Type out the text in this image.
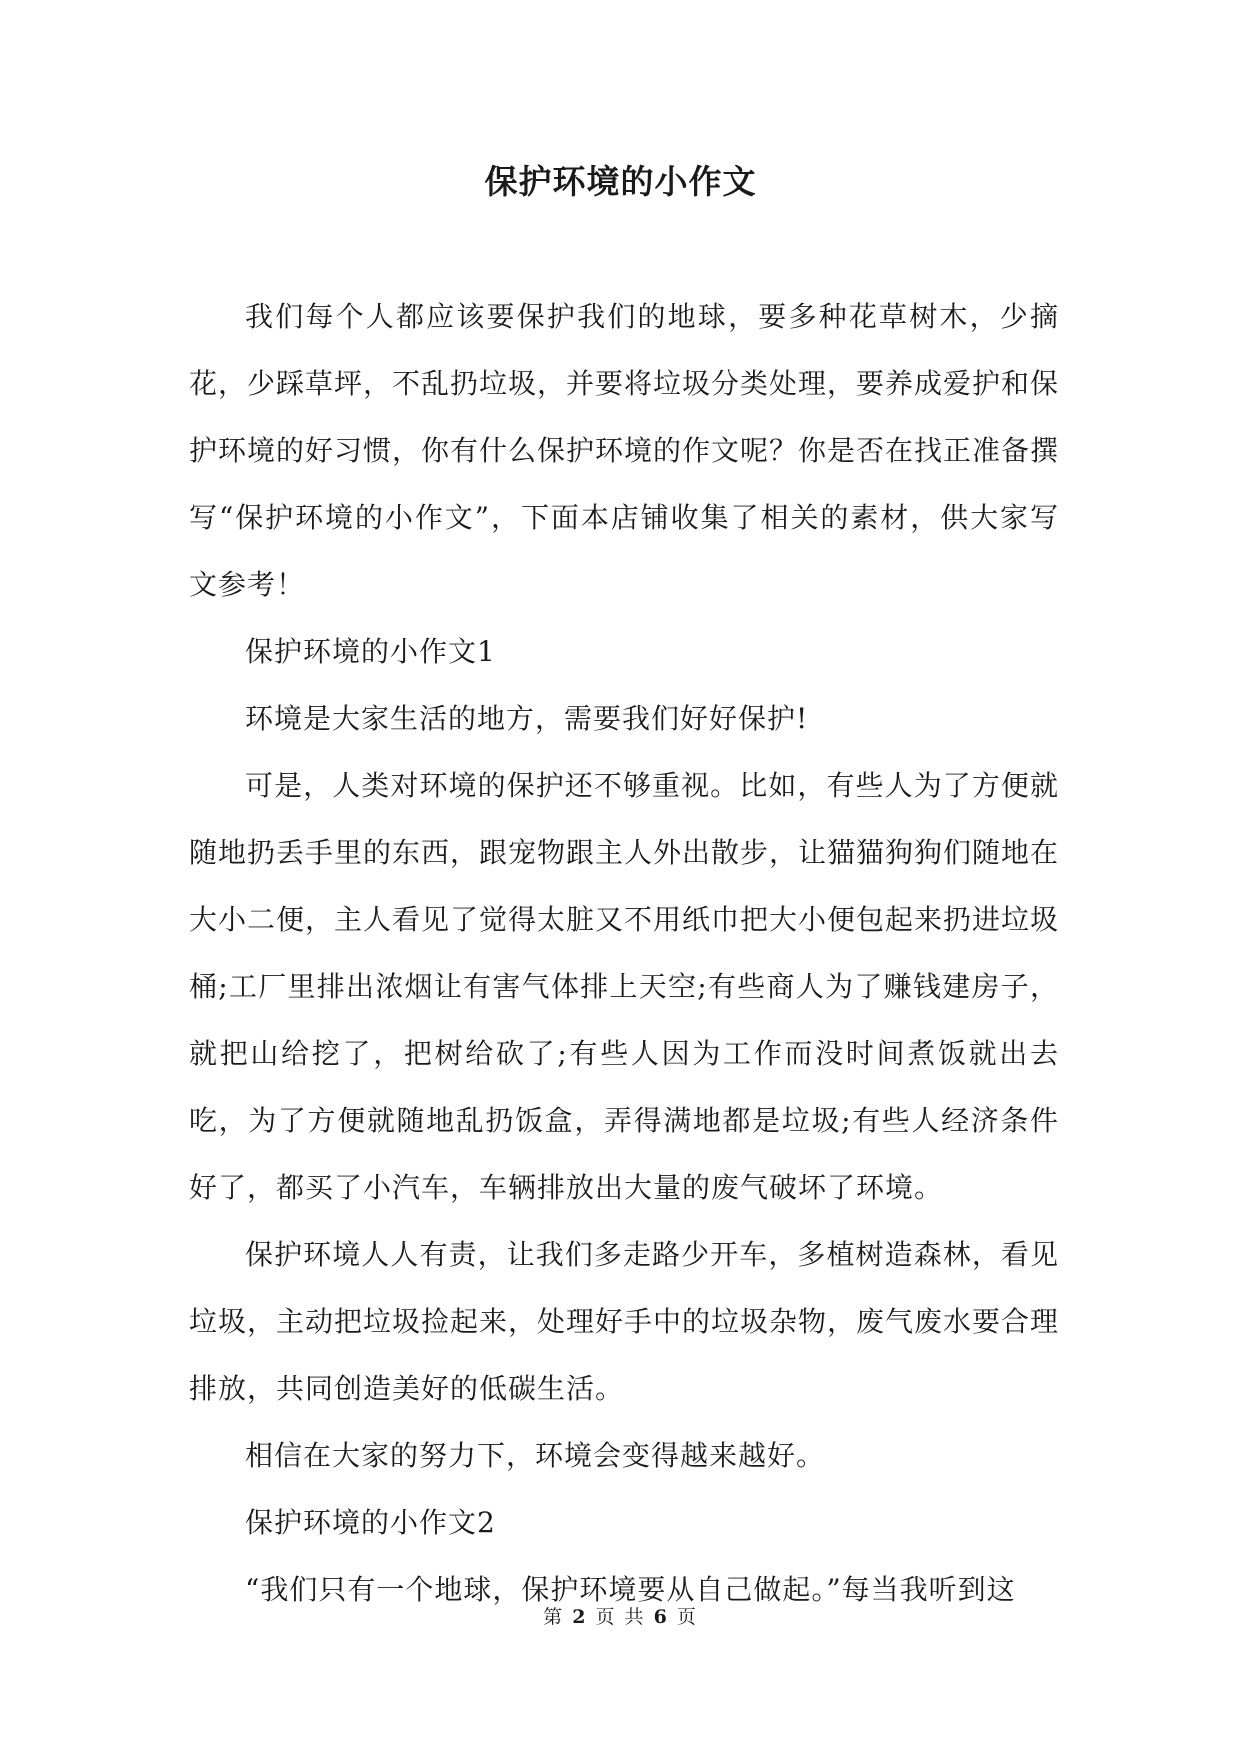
保护环境的小作文

我们每个人都应该要保护我们的地球，要多种花草树木，少摘花，少踩草坪，不乱扔垃圾，并要将垃圾分类处理，要养成爱护和保护环境的好习惯，你有什么保护环境的作文呢？你是否在找正准备撰写“保护环境的小作文”，下面本店铺收集了相关的素材，供大家写文参考！

保护环境的小作文1

环境是大家生活的地方，需要我们好好保护!

可是，人类对环境的保护还不够重视。比如，有些人为了方便就随地扔丢手里的东西，跟宠物跟主人外出散步，让猫猫狗狗们随地在大小二便，主人看见了觉得太脏又不用纸巾把大小便包起来扔进垃圾桶;工厂里排出浓烟让有害气体排上天空;有些商人为了赚钱建房子，就把山给挖了，把树给砍了;有些人因为工作而没时间煮饭就出去吃，为了方便就随地乱扔饭盒，弄得满地都是垃圾;有些人经济条件好了，都买了小汽车，车辆排放出大量的废气破坏了环境。

保护环境人人有责，让我们多走路少开车，多植树造森林，看见垃圾，主动把垃圾捡起来，处理好手中的垃圾杂物，废气废水要合理排放，共同创造美好的低碳生活。

相信在大家的努力下，环境会变得越来越好。

保护环境的小作文2

“我们只有一个地球，保护环境要从自己做起。”每当我听到这

第 2 页 共 6 页
